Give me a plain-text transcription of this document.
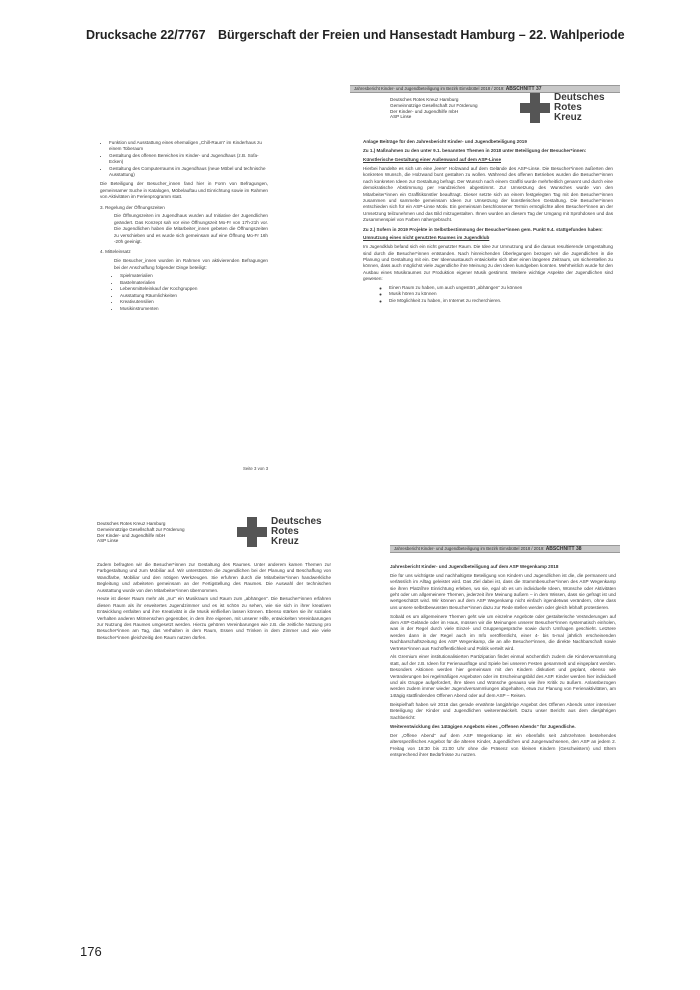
Drucksache 22/7767 Bürgerschaft der Freien und Hansestadt Hamburg – 22. Wahlperiode
• Funktion und Ausstattung eines ehemaligen „Chill-Raum“ im Kinderhaus zu einem Toberaum
• Gestaltung des offenen Bereiches im Kinder- und Jugendhaus (z.B. Sofa-Ecken)
• Gestaltung des Computerraums im Jugendhaus (neue Möbel und technische Ausstattung)

Die Beteiligung der Besucher_innen fand hier in Form von Befragungen, gemeinsamer Suche in Katalogen, Möbelauftau und Einrichtung sowie im Rahmen von Aktivitäten im Ferienprogramm statt.

3. Regelung der Öffnungszeiten

Die Öffnungszeiten im Jugendhaus wurden auf Initiative der Jugendlichen geändert. Das Konzept sah vor eine Öffnungszeit Mo-Fr von 17h-21h vor. Die Jugendlichen haben die Mitarbeiter_innen gebeten die Öffnungszeiten zu verschieben und es wurde sich gemeinsam auf eine Öffnung Mo-Fr 16h -20h geeinigt.

4. Mitteleinsatz

Die Besucher_innen wurden im Rahmen von aktivierenden Befragungen bei der Anschaffung folgender Dinge beteiligt:

• Spielmaterialien
• Bastelmaterialien
• Lebensmitteleinkauf der Kochgruppen
• Ausstattung Räumlichkeiten
• Kreativutensilien
• Musikinstrumenten
Seite 3 von 3
Jahresbericht Kinder- und Jugendbeteiligung im Bezirk Eimsbüttel 2018 / 2019: ABSCHNITT 37
Deutsches Rotes Kreuz Hamburg
Gemeinnützige Gesellschaft zur Förderung
Der Kinder- und Jugendhilfe mbH
ASP Linse
Deutsches
Rotes
Kreuz

Anlage Beiträge für den Jahresbericht Kinder- und Jugendbeteiligung 2019

Zu 1.) Maßnahmen zu den unter 9.1. benannten Themen in 2018 unter Beteiligung der Besucher*innen:

Künstlerische Gestaltung einer Außenwand auf dem ASP-Linse

Hierbei handelte es sich um eine „leere“ Holzwand auf dem Gelände des ASP-Linse. Die Besucher*innen äußerten den konkreten Wunsch, die Holzwand bunt gestalten zu wollen. Während des offenen Betriebes wurden die Besucher*innen nach konkreten Ideen zur Gestaltung befragt. Der Wunsch nach einem Graffiti wurde mehrheitlich genannt und durch eine demokratische Abstimmung per Handzeichen abgestimmt. Zur Umsetzung des Wunsches wurde von den Mitarbeiter*innen ein Graffitikünstler beauftragt. Dieser setzte sich an einem festgelegten Tag mit den Besucher*innen zusammen und sammelte gemeinsam Ideen zur Umsetzung der künstlerischen Gestaltung. Die Besucher*innen entschieden sich für ein ASP-Linse Motiv. Ein gemeinsam beschlossener Termin ermöglichte allen Besucher*innen an der Umsetzung teilzunehmen und das Bild mitzugestalten. Ihnen wurden an diesem Tag der Umgang mit Sprühdosen und das Zusammenspiel von Farben nähergebracht.

Zu 2.) Sofern in 2019 Projekte in Selbstbestimmung der Besucher*innen gem. Punkt 9.4. stattgefunden haben:

Umnutzung eines nicht genutzten Raumes im Jugendklub

Im Jugendklub befand sich ein nicht genutzter Raum. Die Idee zur Umnutzung und die daraus resultierende Umgestaltung sind durch die Besucher*innen entstanden. Nach hinreichenden Überlegungen bezogen wir die Jugendlichen in die Planung und Gestaltung mit ein. Der Ideenaustausch entwickelte sich über einen längeren Zeitraum, um sicherstellen zu können, dass auch möglichst viele Jugendliche ihre Meinung zu den Ideen kundgeben konnten. Mehrheitlich wurde für den Ausbau eines Musikraumes zur Produktion eigener Musik gestimmt. Weitere wichtige Aspekte der Jugendlichen sind gewesen:

◦ Einen Raum zu haben, um auch ungestört „abhängen“ zu können
◦ Musik hören zu können
◦ Die Möglichkeit zu haben, im Internet zu recherchieren.
Deutsches Rotes Kreuz Hamburg
Gemeinnützige Gesellschaft zur Förderung
Der Kinder- und Jugendhilfe mbH
ASP Linse
Deutsches
Rotes
Kreuz

Zudem befragten wir die Besucher*innen zur Gestaltung des Raumes. Unter anderem kamen Themen zur Farbgestaltung und zum Mobiliar auf. Wir unterstützten die Jugendlichen bei der Planung und Beschaffung von Wandfarbe, Mobiliar und den nötigen Werkzeugen. Sie erfuhren durch die Mitarbeiter*innen handwerkliche Begleitung und arbeiteten gemeinsam an der Fertigstellung des Raumes. Die Auswahl der technischen Ausstattung wurde von den Mitarbeiter*innen übernommen.

Heute ist dieser Raum mehr als „nur“ ein Musikraum und Raum zum „abhängen“. Die Besucher*innen erfahren diesen Raum als ihr erweitertes Jugendzimmer und es ist schön zu sehen, wie sie sich in ihrer kreativen Entwicklung entfalten und ihre Kreativität in die Musik einfließen lassen können. Ebenso stärken sie ihr soziales Verhalten anderen Mitmenschen gegenüber, in dem ihre eigenen, mit unserer Hilfe, entwickelten Vereinbarungen zur Nutzung des Raumes umgesetzt werden. Hierzu gehören Vereinbarungen wie z.B. die zeitliche Nutzung pro Besucher*innen am Tag, das Verhalten in dem Raum, Essen und Trinken in dem Zimmer und wie viele Besucher*innen gleichzeitig den Raum nutzen dürfen.

Jahresbericht Kinder- und Jugendbeteiligung im Bezirk Eimsbüttel 2018 / 2019: ABSCHNITT 38

Jahresbericht Kinder- und Jugendbeteiligung auf dem ASP Wegenkamp 2018

Die für uns wichtigste und nachhaltigste Beteiligung von Kindern und Jugendlichen ist die, die permanent und verlässlich im Alltag geleistet wird. Das Ziel dabei ist, dass die Stammbesucher*innen des ASP Wegenkamp sie ihren Platz/ihre Einrichtung erleben, wo sie, egal ob es um individuelle Ideen, Wünsche oder Aktivitäten geht oder um allgemeinere Themen, jederzeit ihre Meinung äußern – in dem Wissen, dass sie gefragt ist und wertgeschätzt wird. Wir können auf dem ASP Wegenkamp nicht einfach irgendetwas verändern, ohne dass uns unsere selbstbewussten Besucher*innen dazu zur Rede stellen werden oder gleich lebhaft protestieren.

Sobald es um allgemeinere Themen geht wie um einzelne Angebote oder gestalterische Veränderungen auf dem ASP-Gelände oder im Haus, müssen wir die Meinungen unserer Besucher*innen systematisch einholen, was in der Regel durch viele Einzel- und Gruppengespräche sowie durch Umfragen geschieht. Letztere werden dann in der Regel auch im Info veröffentlicht, einer 4- bis 5-mal jährlich erscheinenden Nachbarschaftszeitung des ASP Wegenkamp, die an alle Besucher*innen, die direkte Nachbarschaft sowie Vertreter*innen aus Fachöffentlichkeit und Politik verteilt wird.

Als Gremium einer institutionalisierten Partizipation findet einmal wöchentlich zudem die Kinderversammlung statt, auf der z.B. Ideen für Ferienausflüge und Spiele bei unseren Festen gesammelt und eingeplant werden. Besonders Aktionen werden hier gemeinsam mit den Kindern diskutiert und geplant, ebenso wie Veränderungen bei regelmäßigen Angeboten oder im Erscheinungsbild des ASP. Kinder werden hier individuell und als Gruppe aufgefordert, ihre Ideen und Wünsche genauso wie ihre Kritik zu äußern. Anlassbezogen werden zudem immer wieder Jugendversammlungen abgehalten, etwa zur Planung von Ferienaktivitäten, am 14tägig stattfindenden Offenen Abend oder auf dem ASP – Reisen.

Beispielhaft haben wir 2018 das gerade erwähnte langjährige Angebot des Offenen Abends unter intensiver Beteiligung der Kinder und Jugendlichen weiterentwickelt. Dazu unser Bericht aus dem diesjährigen Sachbericht:

Weiterentwicklung des 14tägigen Angebots eines „Offenen Abends“ für Jugendliche.

Der „Offene Abend“ auf dem ASP Wegenkamp ist ein ebenfalls seit Jahrzehnten bestehendes altersspezifisches Angebot für die älteren Kinder, Jugendlichen und Jungerwachsenen, den ASP an jedem 2. Freitag von 18:30 bis 21:00 Uhr ohne die Präsenz von kleinen Kindern (Geschwistern) und Eltern entsprechend ihrer Bedürfnisse zu nutzen.

176
